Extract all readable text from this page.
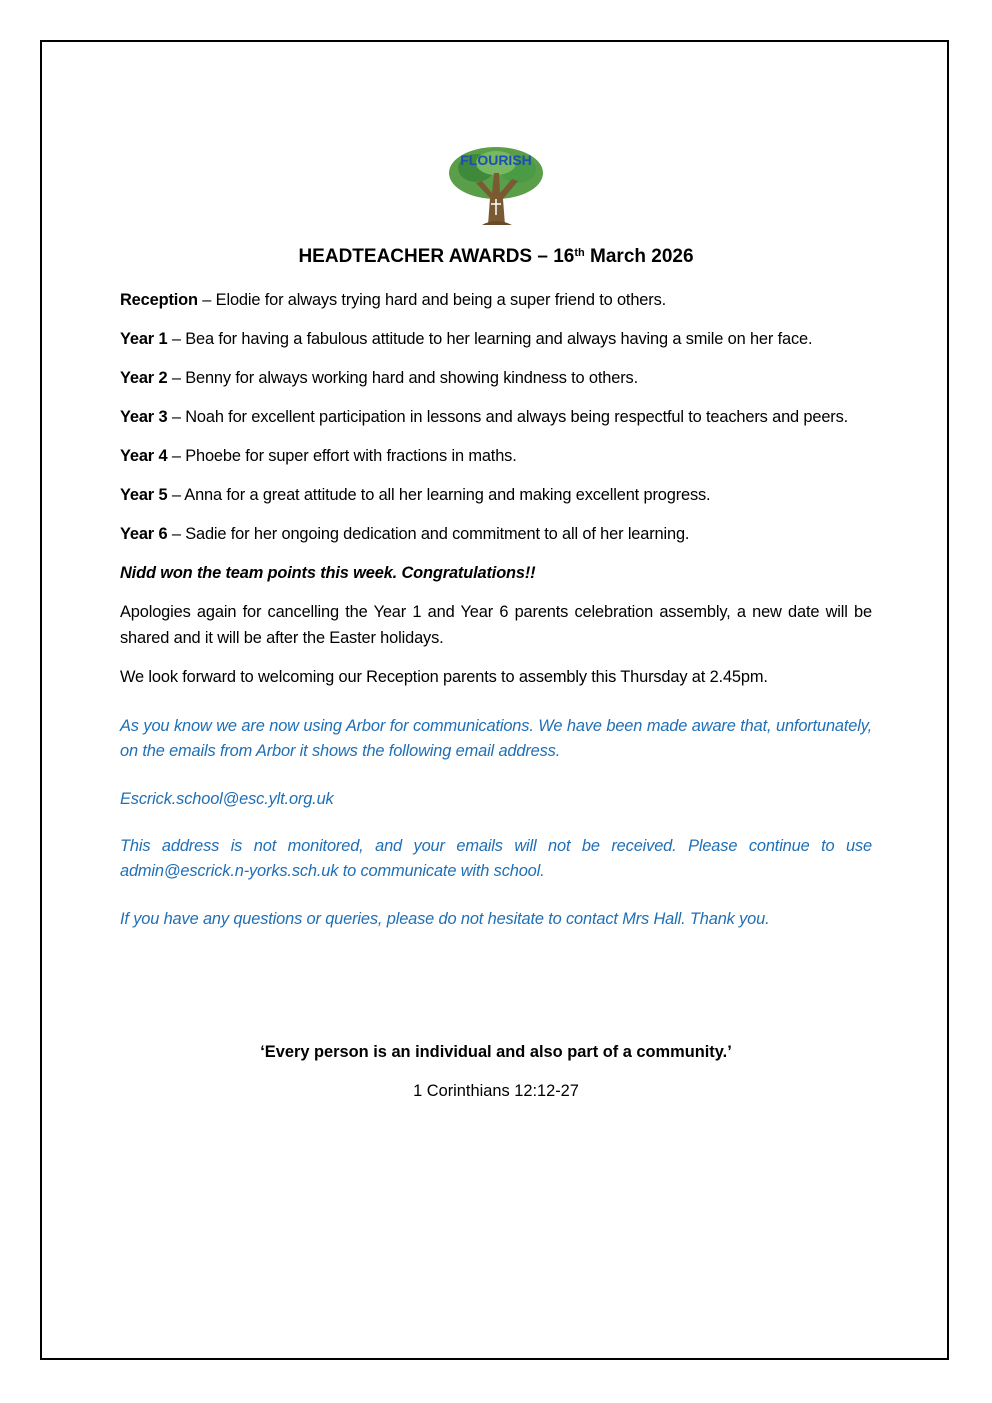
FLOURISH
HEADTEACHER AWARDS – 16th March 2026

Reception – Elodie for always trying hard and being a super friend to others.

Year 1 – Bea for having a fabulous attitude to her learning and always having a smile on her face.

Year 2 – Benny for always working hard and showing kindness to others.

Year 3 – Noah for excellent participation in lessons and always being respectful to teachers and peers.

Year 4 – Phoebe for super effort with fractions in maths.

Year 5 – Anna for a great attitude to all her learning and making excellent progress.

Year 6 – Sadie for her ongoing dedication and commitment to all of her learning.

Nidd won the team points this week. Congratulations!!

Apologies again for cancelling the Year 1 and Year 6 parents celebration assembly, a new date will be shared and it will be after the Easter holidays.

We look forward to welcoming our Reception parents to assembly this Thursday at 2.45pm.

As you know we are now using Arbor for communications. We have been made aware that, unfortunately, on the emails from Arbor it shows the following email address.

Escrick.school@esc.ylt.org.uk

This address is not monitored, and your emails will not be received. Please continue to use admin@escrick.n-yorks.sch.uk to communicate with school.

If you have any questions or queries, please do not hesitate to contact Mrs Hall. Thank you.

‘Every person is an individual and also part of a community.’
1 Corinthians 12:12-27
